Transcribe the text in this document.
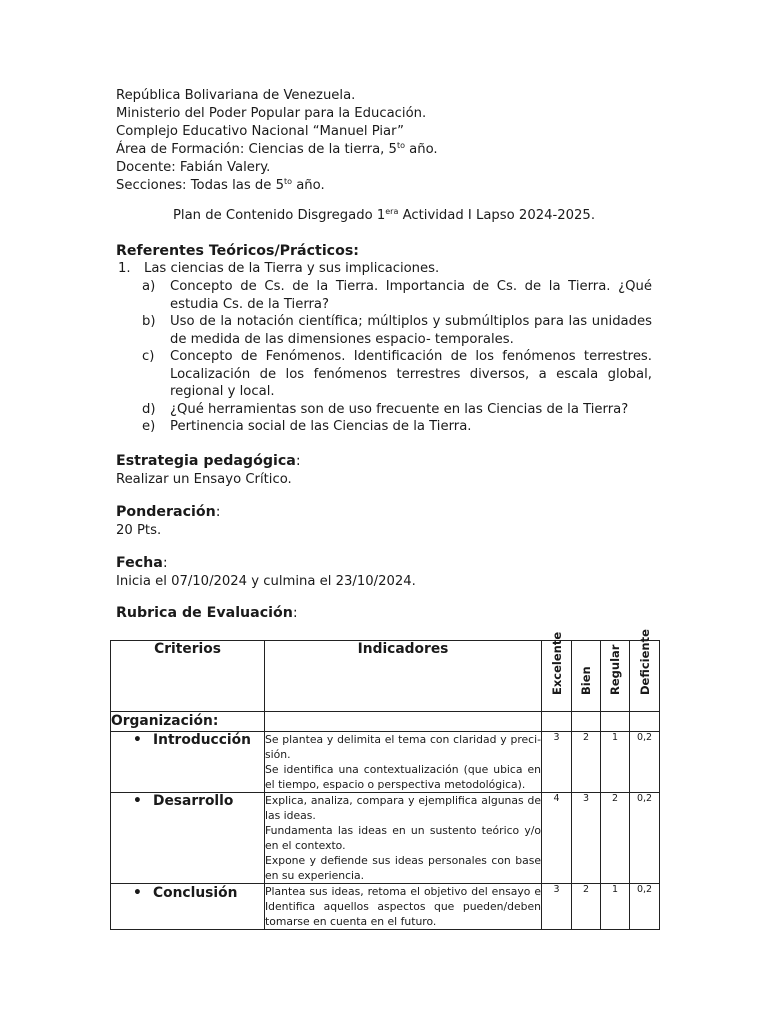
República Bolivariana de Venezuela.
Ministerio del Poder Popular para la Educación.
Complejo Educativo Nacional “Manuel Piar”
Área de Formación: Ciencias de la tierra, $5^{to}$ año.
Docente: Fabián Valery.
Secciones: Todas las de $5^{to}$ año.
Plan de Contenido Disgregado $1^{era}$ Actividad I Lapso 2024-2025.
Referentes Teóricos/Prácticos:
1. Las ciencias de la Tierra y sus implicaciones.
a) Concepto de Cs. de la Tierra. Importancia de Cs. de la Tierra. ¿Qué estudia Cs. de la Tierra?
b) Uso de la notación científica; múltiplos y submúltiplos para las unidades de medida de las dimensiones espacio- temporales.
c) Concepto de Fenómenos. Identificación de los fenómenos terrestres. Localización de los fenómenos terrestres diversos, a escala global, regional y local.
d) ¿Qué herramientas son de uso frecuente en las Ciencias de la Tierra?
e) Pertinencia social de las Ciencias de la Tierra.
Estrategia pedagógica:
Realizar un Ensayo Crítico.
Ponderación:
20 Pts.
Fecha:
Inicia el 07/10/2024 y culmina el 23/10/2024.
Rubrica de Evaluación:
Criterios	Indicadores	Excelente	Bien	Regular	Deficiente

Organización:					
• Introducción	Se plantea y delimita el tema con claridad y preci-sión.

Se identifica una contextualización (que ubica en el tiempo, espacio o perspectiva metodológica).	3	2	1	0,2
• Desarrollo	Explica, analiza, compara y ejemplifica algunas de las ideas.

Fundamenta las ideas en un sustento teórico y/o en el contexto.

Expone y defiende sus ideas personales con base en su experiencia.	4	3	2	0,2
• Conclusión	Plantea sus ideas, retoma el objetivo del ensayo e Identifica aquellos aspectos que pueden/deben tomarse en cuenta en el futuro.	3	2	1	0,2
